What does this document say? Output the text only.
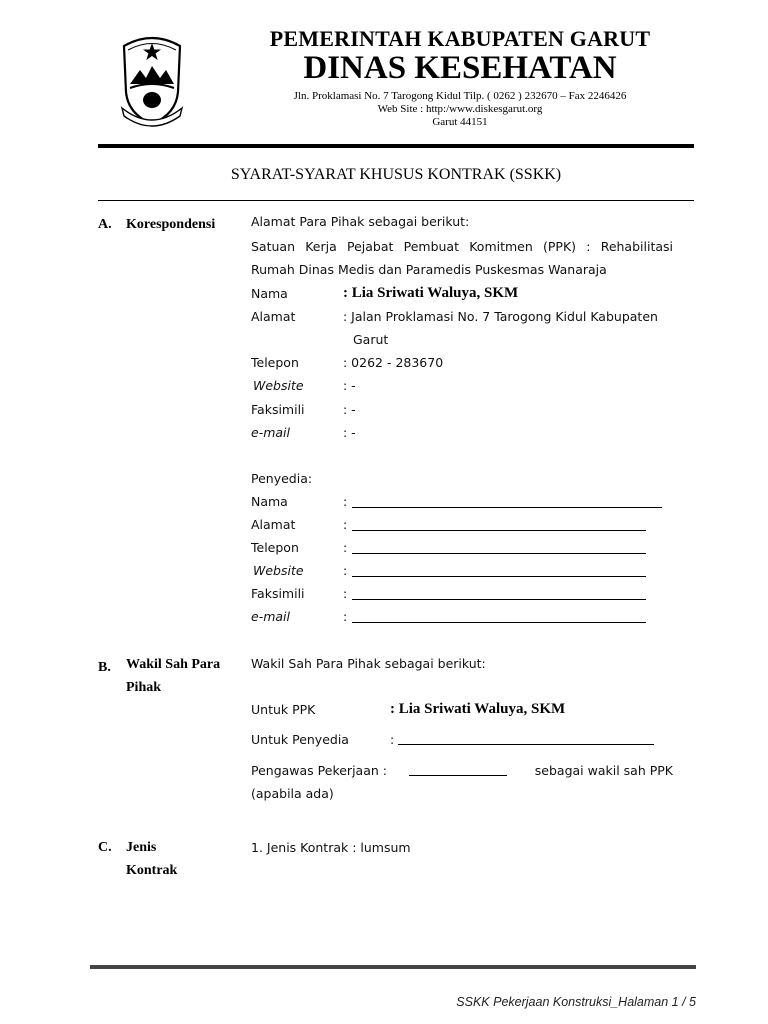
PEMERINTAH KABUPATEN GARUT
DINAS KESEHATAN
Jln. Proklamasi No. 7 Tarogong Kidul Tilp. ( 0262 ) 232670 – Fax 2246426
Web Site : http:/www.diskesgarut.org
Garut 44151
SYARAT-SYARAT KHUSUS KONTRAK (SSKK)
A. Korespondensi	Alamat Para Pihak sebagai berikut:
Satuan Kerja Pejabat Pembuat Komitmen (PPK) : Rehabilitasi Rumah Dinas Medis dan Paramedis Puskesmas Wanaraja
Nama	: Lia Sriwati Waluya, SKM
Alamat	: Jalan Proklamasi No. 7 Tarogong Kidul Kabupaten
Garut
Telepon	: 0262 - 283670
Website	: -
Faksimili	: -
e-mail	: -
Penyedia:
Nama	:
Alamat	:
Telepon	:
Website	:
Faksimili	:
e-mail	:
B. Wakil Sah Para
Pihak
Wakil Sah Para Pihak sebagai berikut:
Untuk PPK	: Lia Sriwati Waluya, SKM
Untuk Penyedia	:
Pengawas Pekerjaan :	sebagai wakil sah PPK
(apabila ada)
C. Jenis
Kontrak
1. Jenis Kontrak : lumsum
SSKK Pekerjaan Konstruksi_Halaman 1 / 5
